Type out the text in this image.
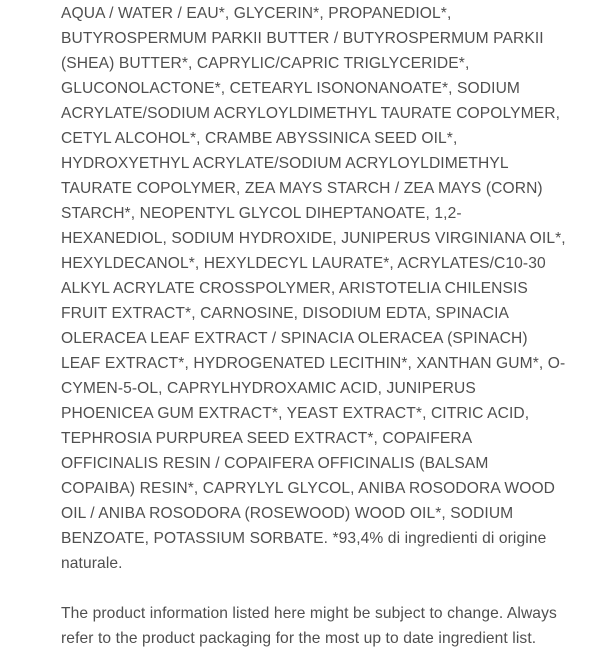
AQUA / WATER / EAU*, GLYCERIN*, PROPANEDIOL*, BUTYROSPERMUM PARKII BUTTER / BUTYROSPERMUM PARKII (SHEA) BUTTER*, CAPRYLIC/CAPRIC TRIGLYCERIDE*, GLUCONOLACTONE*, CETEARYL ISONONANOATE*, SODIUM ACRYLATE/SODIUM ACRYLOYLDIMETHYL TAURATE COPOLYMER, CETYL ALCOHOL*, CRAMBE ABYSSINICA SEED OIL*, HYDROXYETHYL ACRYLATE/SODIUM ACRYLOYLDIMETHYL TAURATE COPOLYMER, ZEA MAYS STARCH / ZEA MAYS (CORN) STARCH*, NEOPENTYL GLYCOL DIHEPTANOATE, 1,2-HEXANEDIOL, SODIUM HYDROXIDE, JUNIPERUS VIRGINIANA OIL*, HEXYLDECANOL*, HEXYLDECYL LAURATE*, ACRYLATES/C10-30 ALKYL ACRYLATE CROSSPOLYMER, ARISTOTELIA CHILENSIS FRUIT EXTRACT*, CARNOSINE, DISODIUM EDTA, SPINACIA OLERACEA LEAF EXTRACT / SPINACIA OLERACEA (SPINACH) LEAF EXTRACT*, HYDROGENATED LECITHIN*, XANTHAN GUM*, O-CYMEN-5-OL, CAPRYLHYDROXAMIC ACID, JUNIPERUS PHOENICEA GUM EXTRACT*, YEAST EXTRACT*, CITRIC ACID, TEPHROSIA PURPUREA SEED EXTRACT*, COPAIFERA OFFICINALIS RESIN / COPAIFERA OFFICINALIS (BALSAM COPAIBA) RESIN*, CAPRYLYL GLYCOL, ANIBA ROSODORA WOOD OIL / ANIBA ROSODORA (ROSEWOOD) WOOD OIL*, SODIUM BENZOATE, POTASSIUM SORBATE. *93,4% di ingredienti di origine naturale.

The product information listed here might be subject to change. Always refer to the product packaging for the most up to date ingredient list.
